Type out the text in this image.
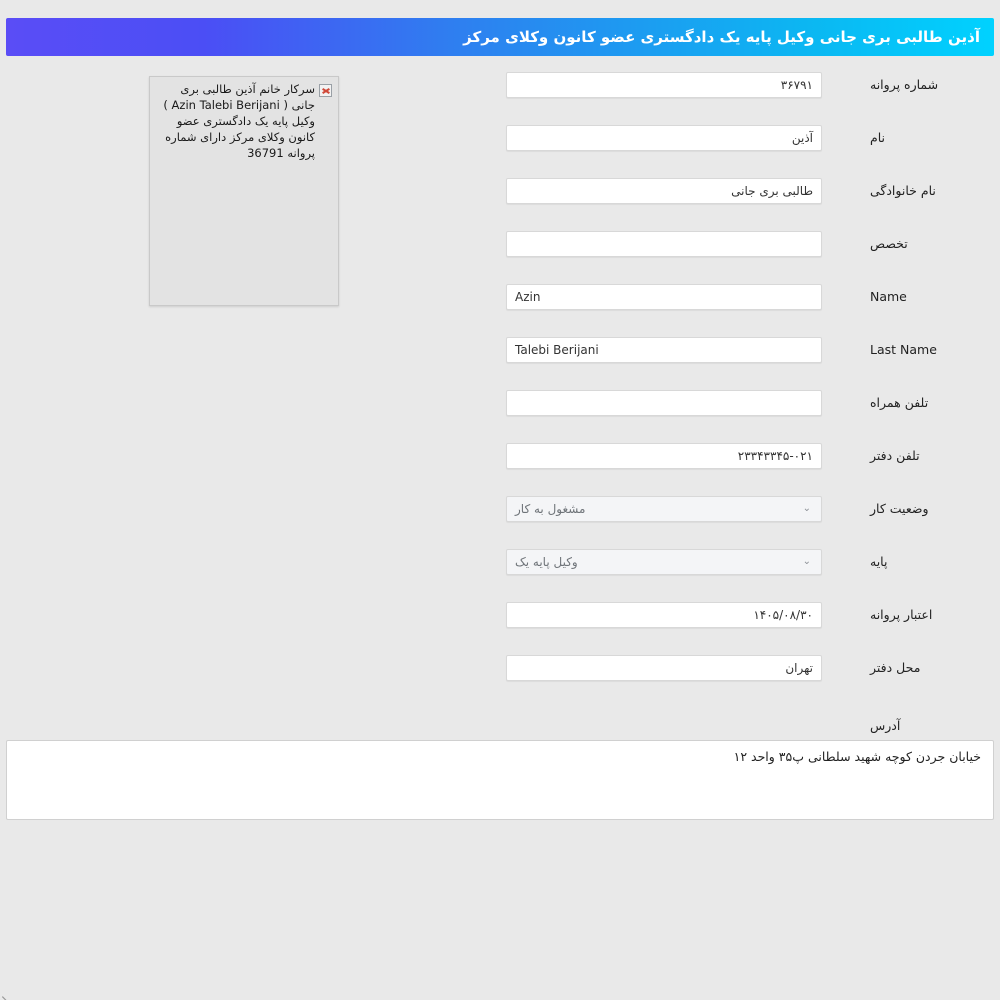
آذین طالبی بری جانی وکیل پایه یک دادگستری عضو کانون وکلای مرکز
سرکار خانم آذین طالبی بری جانی ( Azin Talebi Berijani ) وکیل پایه یک دادگستری عضو کانون وکلای مرکز دارای شماره پروانه 36791
شماره پروانه
۳۶۷۹۱
نام
آذین
نام خانوادگی
طالبی بری جانی
تخصص
Name
Azin
Last Name
Talebi Berijani
تلفن همراه
تلفن دفتر
۲۳۳۴۳۳۴۵-۰۲۱
وضعیت کار
⌄
مشغول به کار
پایه
⌄
وکیل پایه یک
اعتبار پروانه
۱۴۰۵/۰۸/۳۰
محل دفتر
تهران
آدرس
خیابان جردن کوچه شهید سلطانی پ۳۵ واحد ۱۲
